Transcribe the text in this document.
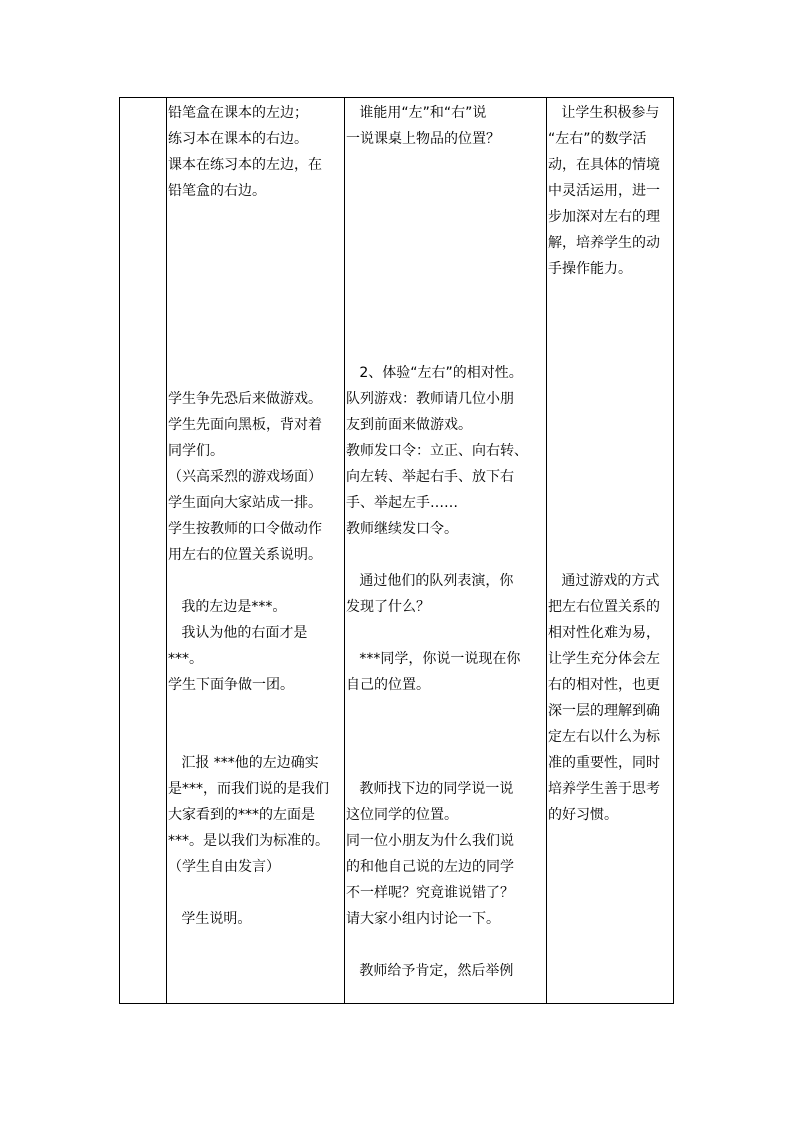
铅笔盒在课本的左边；

练习本在课本的右边。

课本在练习本的左边，在

铅笔盒的右边。

学生争先恐后来做游戏。

学生先面向黑板，背对着

同学们。

（兴高采烈的游戏场面）

学生面向大家站成一排。

学生按教师的口令做动作

用左右的位置关系说明。

我的左边是***。

我认为他的右面才是

***。

学生下面争做一团。

汇报 ***他的左边确实

是***，而我们说的是我们

大家看到的***的左面是

***。是以我们为标准的。

（学生自由发言）

学生说明。

谁能用“左”和“右”说

一说课桌上物品的位置？

2、体验“左右”的相对性。

队列游戏：教师请几位小朋

友到前面来做游戏。

教师发口令：立正、向右转、

向左转、举起右手、放下右

手、举起左手……

教师继续发口令。

通过他们的队列表演，你

发现了什么？

***同学，你说一说现在你

自己的位置。

教师找下边的同学说一说

这位同学的位置。

同一位小朋友为什么我们说

的和他自己说的左边的同学

不一样呢？究竟谁说错了？

请大家小组内讨论一下。

教师给予肯定，然后举例

让学生积极参与

“左右”的数学活

动，在具体的情境

中灵活运用，进一

步加深对左右的理

解，培养学生的动

手操作能力。

通过游戏的方式

把左右位置关系的

相对性化难为易，

让学生充分体会左

右的相对性，也更

深一层的理解到确

定左右以什么为标

准的重要性，同时

培养学生善于思考

的好习惯。
